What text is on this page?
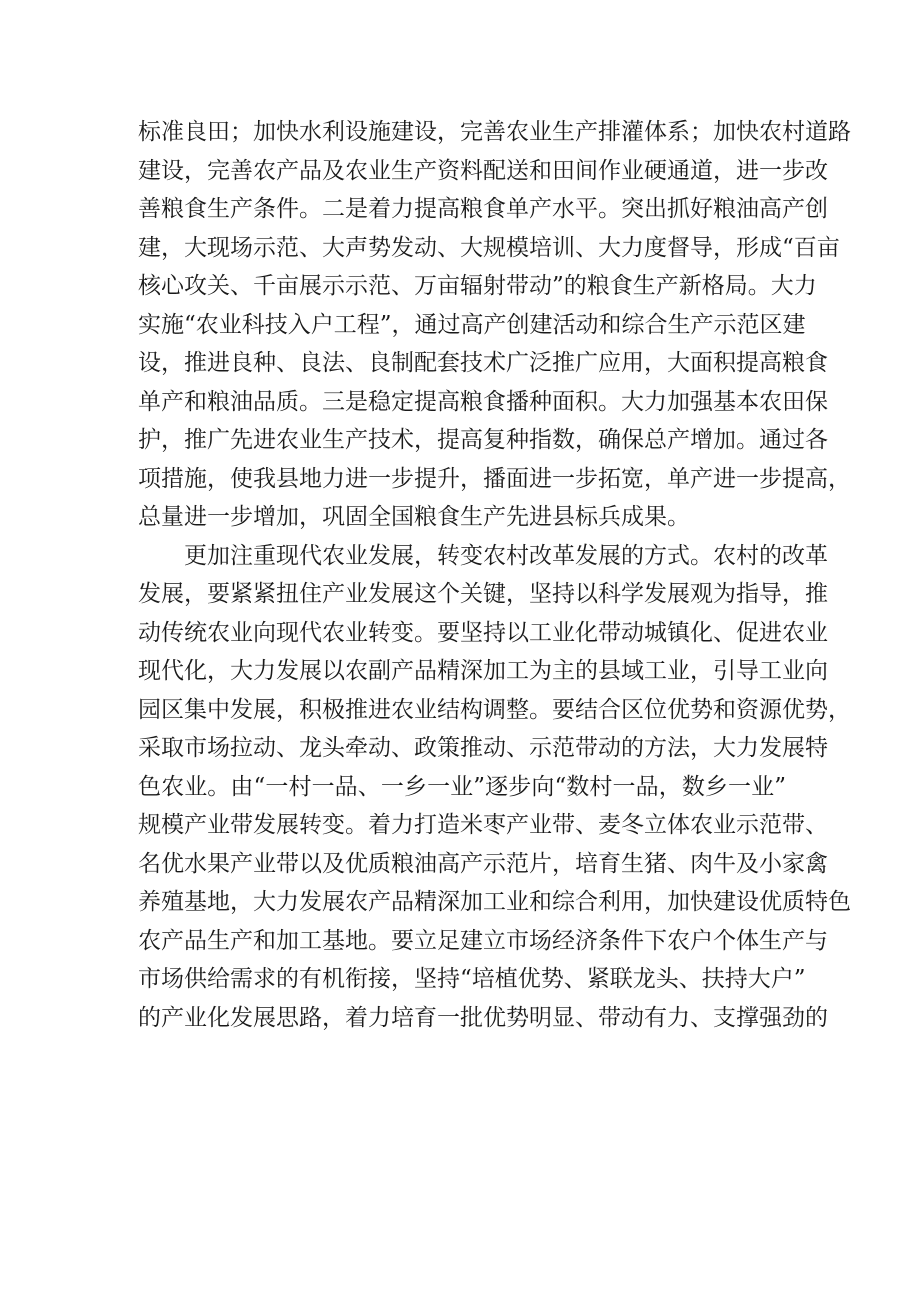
标准良田；加快水利设施建设，完善农业生产排灌体系；加快农村道路
建设，完善农产品及农业生产资料配送和田间作业硬通道，进一步改
善粮食生产条件。二是着力提高粮食单产水平。突出抓好粮油高产创
建，大现场示范、大声势发动、大规模培训、大力度督导，形成“百亩
核心攻关、千亩展示示范、万亩辐射带动”的粮食生产新格局。大力
实施“农业科技入户工程”，通过高产创建活动和综合生产示范区建
设，推进良种、良法、良制配套技术广泛推广应用，大面积提高粮食
单产和粮油品质。三是稳定提高粮食播种面积。大力加强基本农田保
护，推广先进农业生产技术，提高复种指数，确保总产增加。通过各
项措施，使我县地力进一步提升，播面进一步拓宽，单产进一步提高，
总量进一步增加，巩固全国粮食生产先进县标兵成果。
更加注重现代农业发展，转变农村改革发展的方式。农村的改革
发展，要紧紧扭住产业发展这个关键，坚持以科学发展观为指导，推
动传统农业向现代农业转变。要坚持以工业化带动城镇化、促进农业
现代化，大力发展以农副产品精深加工为主的县域工业，引导工业向
园区集中发展，积极推进农业结构调整。要结合区位优势和资源优势，
采取市场拉动、龙头牵动、政策推动、示范带动的方法，大力发展特
色农业。由“一村一品、一乡一业”逐步向“数村一品，数乡一业”
规模产业带发展转变。着力打造米枣产业带、麦冬立体农业示范带、
名优水果产业带以及优质粮油高产示范片，培育生猪、肉牛及小家禽
养殖基地，大力发展农产品精深加工业和综合利用，加快建设优质特色
农产品生产和加工基地。要立足建立市场经济条件下农户个体生产与
市场供给需求的有机衔接，坚持“培植优势、紧联龙头、扶持大户”
的产业化发展思路，着力培育一批优势明显、带动有力、支撑强劲的
